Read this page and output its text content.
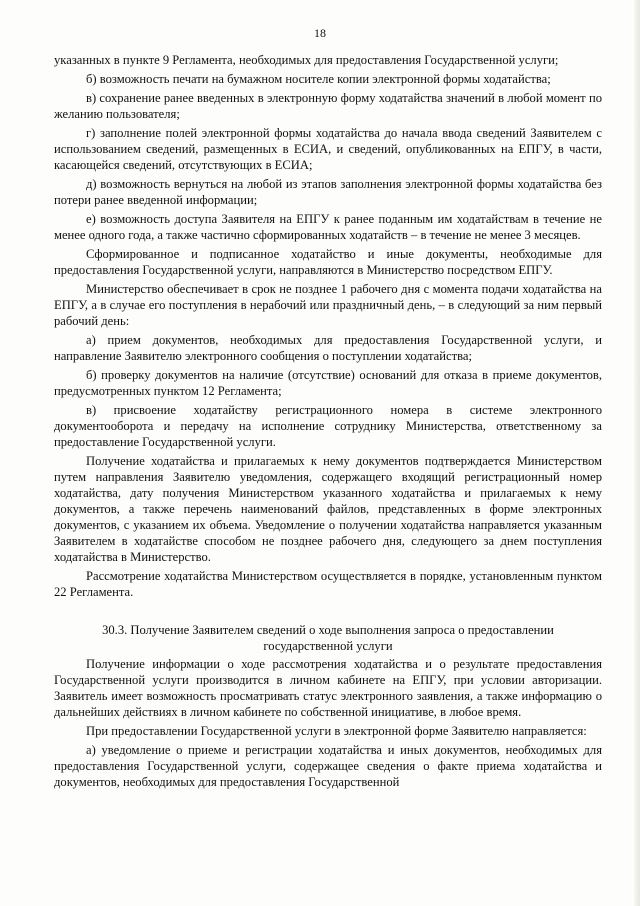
18

указанных в пункте 9 Регламента, необходимых для предоставления Государственной услуги;

б) возможность печати на бумажном носителе копии электронной формы ходатайства;

в) сохранение ранее введенных в электронную форму ходатайства значений в любой момент по желанию пользователя;

г) заполнение полей электронной формы ходатайства до начала ввода сведений Заявителем с использованием сведений, размещенных в ЕСИА, и сведений, опубликованных на ЕПГУ, в части, касающейся сведений, отсутствующих в ЕСИА;

д) возможность вернуться на любой из этапов заполнения электронной формы ходатайства без потери ранее введенной информации;

е) возможность доступа Заявителя на ЕПГУ к ранее поданным им ходатайствам в течение не менее одного года, а также частично сформированных ходатайств – в течение не менее 3 месяцев.

Сформированное и подписанное ходатайство и иные документы, необходимые для предоставления Государственной услуги, направляются в Министерство посредством ЕПГУ.

Министерство обеспечивает в срок не позднее 1 рабочего дня с момента подачи ходатайства на ЕПГУ, а в случае его поступления в нерабочий или праздничный день, – в следующий за ним первый рабочий день:

а) прием документов, необходимых для предоставления Государственной услуги, и направление Заявителю электронного сообщения о поступлении ходатайства;

б) проверку документов на наличие (отсутствие) оснований для отказа в приеме документов, предусмотренных пунктом 12 Регламента;

в) присвоение ходатайству регистрационного номера в системе электронного документооборота и передачу на исполнение сотруднику Министерства, ответственному за предоставление Государственной услуги.

Получение ходатайства и прилагаемых к нему документов подтверждается Министерством путем направления Заявителю уведомления, содержащего входящий регистрационный номер ходатайства, дату получения Министерством указанного ходатайства и прилагаемых к нему документов, а также перечень наименований файлов, представленных в форме электронных документов, с указанием их объема. Уведомление о получении ходатайства направляется указанным Заявителем в ходатайстве способом не позднее рабочего дня, следующего за днем поступления ходатайства в Министерство.

Рассмотрение ходатайства Министерством осуществляется в порядке, установленным пунктом 22 Регламента.

30.3. Получение Заявителем сведений о ходе выполнения запроса о предоставлении государственной услуги

Получение информации о ходе рассмотрения ходатайства и о результате предоставления Государственной услуги производится в личном кабинете на ЕПГУ, при условии авторизации. Заявитель имеет возможность просматривать статус электронного заявления, а также информацию о дальнейших действиях в личном кабинете по собственной инициативе, в любое время.

При предоставлении Государственной услуги в электронной форме Заявителю направляется:

а) уведомление о приеме и регистрации ходатайства и иных документов, необходимых для предоставления Государственной услуги, содержащее сведения о факте приема ходатайства и документов, необходимых для предоставления Государственной
